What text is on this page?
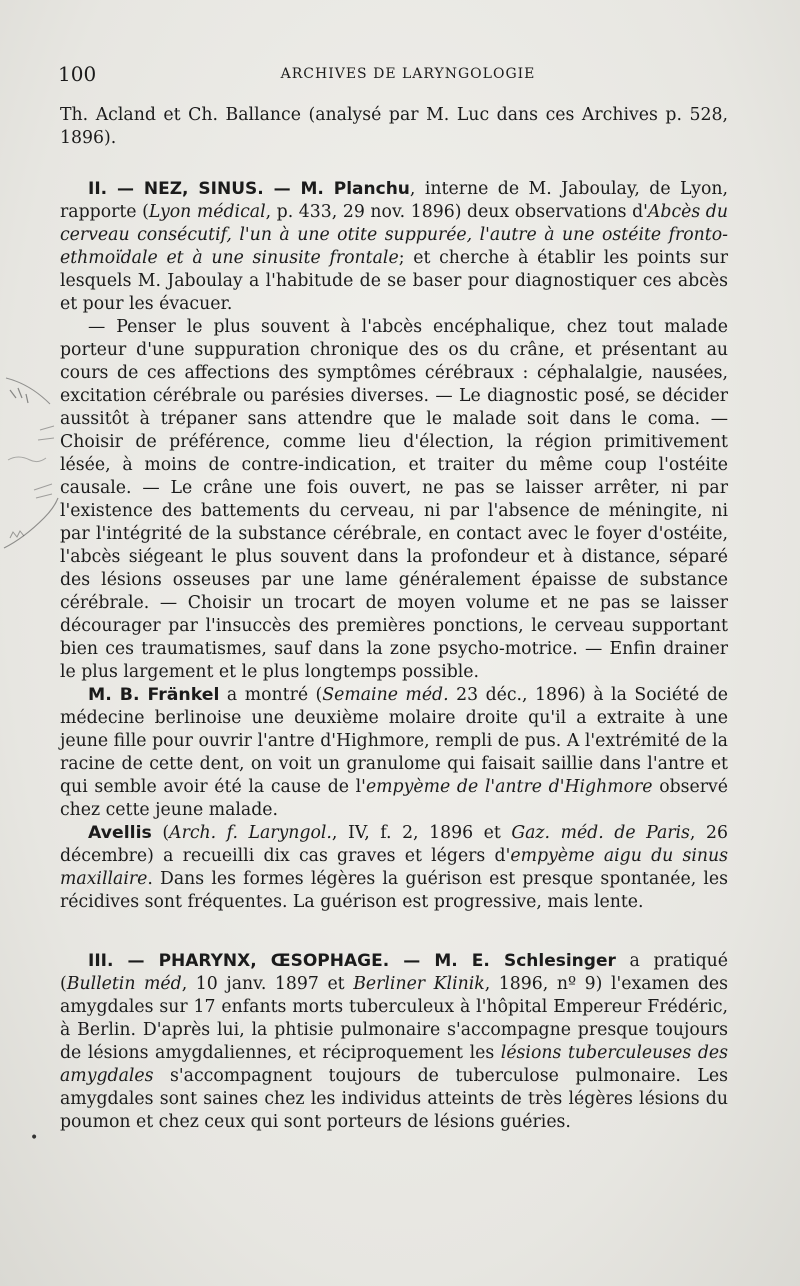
100	ARCHIVES DE LARYNGOLOGIE

Th. Acland et Ch. Ballance (analysé par M. Luc dans ces Archives p. 528, 1896).

II. — NEZ, SINUS. — M. Planchu, interne de M. Jaboulay, de Lyon, rapporte (Lyon médical, p. 433, 29 nov. 1896) deux observations d'Abcès du cerveau consécutif, l'un à une otite suppurée, l'autre à une ostéite fronto-ethmoïdale et à une sinusite frontale; et cherche à établir les points sur lesquels M. Jaboulay a l'habitude de se baser pour diagnostiquer ces abcès et pour les évacuer.

— Penser le plus souvent à l'abcès encéphalique, chez tout malade porteur d'une suppuration chronique des os du crâne, et présentant au cours de ces affections des symptômes cérébraux : céphalalgie, nausées, excitation cérébrale ou parésies diverses. — Le diagnostic posé, se décider aussitôt à trépaner sans attendre que le malade soit dans le coma. — Choisir de préférence, comme lieu d'élection, la région primitivement lésée, à moins de contre-indication, et traiter du même coup l'ostéite causale. — Le crâne une fois ouvert, ne pas se laisser arrêter, ni par l'existence des battements du cerveau, ni par l'absence de méningite, ni par l'intégrité de la substance cérébrale, en contact avec le foyer d'ostéite, l'abcès siégeant le plus souvent dans la profondeur et à distance, séparé des lésions osseuses par une lame généralement épaisse de substance cérébrale. — Choisir un trocart de moyen volume et ne pas se laisser décourager par l'insuccès des premières ponctions, le cerveau supportant bien ces traumatismes, sauf dans la zone psycho-motrice. — Enfin drainer le plus largement et le plus longtemps possible.

M. B. Fränkel a montré (Semaine méd. 23 déc., 1896) à la Société de médecine berlinoise une deuxième molaire droite qu'il a extraite à une jeune fille pour ouvrir l'antre d'Highmore, rempli de pus. A l'extrémité de la racine de cette dent, on voit un granulome qui faisait saillie dans l'antre et qui semble avoir été la cause de l'empyème de l'antre d'Highmore observé chez cette jeune malade.

Avellis (Arch. f. Laryngol., IV, f. 2, 1896 et Gaz. méd. de Paris, 26 décembre) a recueilli dix cas graves et légers d'empyème aigu du sinus maxillaire. Dans les formes légères la guérison est presque spontanée, les récidives sont fréquentes. La guérison est progressive, mais lente.

III. — PHARYNX, ŒSOPHAGE. — M. E. Schlesinger a pratiqué (Bulletin méd, 10 janv. 1897 et Berliner Klinik, 1896, nº 9) l'examen des amygdales sur 17 enfants morts tuberculeux à l'hôpital Empereur Frédéric, à Berlin. D'après lui, la phtisie pulmonaire s'accompagne presque toujours de lésions amygdaliennes, et réciproquement les lésions tuberculeuses des amygdales s'accompagnent toujours de tuberculose pulmonaire. Les amygdales sont saines chez les individus atteints de très légères lésions du poumon et chez ceux qui sont porteurs de lésions guéries.

•
